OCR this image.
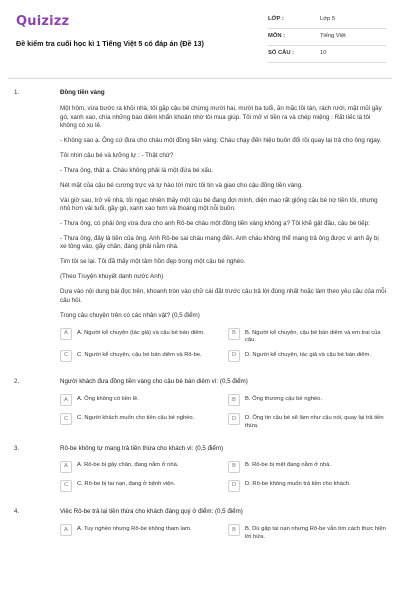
Quizizz
Đề kiểm tra cuối học kì 1 Tiếng Việt 5 có đáp án (Đề 13)
LỚP :	Lớp 5
MÔN :	Tiếng Việt
SỐ CÂU :	10
1.	Đồng tiền vàng

Một hôm, vừa bước ra khỏi nhà, tôi gặp cậu bé chừng mười hai, mười ba tuổi, ăn mặc tồi tàn, rách rưới, mặt mũi gầy gò, xanh xao, chìa những bao diêm khẩn khoản nhờ tôi mua giúp. Tôi mở ví tiền ra và chép miệng : Rất tiếc là tôi không có xu lẻ.

- Không sao ạ. Ông cứ đưa cho cháu một đồng tiền vàng. Cháu chạy đến hiệu buôn đổi rồi quay lại trả cho ông ngay.

Tôi nhìn cậu bé và lưỡng lự : - Thật chứ?

- Thưa ông, thật ạ. Cháu không phải là một đứa bé xấu.

Nét mặt của cậu bé cương trực và tự hào tới mức tôi tin và giao cho cậu đồng tiền vàng.

Vài giờ sau, trở về nhà, tôi ngạc nhiên thấy một cậu bé đang đợi mình, diện mạo rất giống cậu bé nợ tiền tôi, nhưng nhỏ hơn vài tuổi, gầy gò, xanh xao hơn và thoáng một nỗi buồn.

- Thưa ông, có phải ông vừa đưa cho anh Rô-be cháu một đồng tiền vàng không ạ? Tôi khẽ gật đầu, cậu bé tiếp:

- Thưa ông, đây là tiền của ông. Anh Rô-be sai cháu mang đến. Anh cháu không thể mang trả ông được vì anh ấy bị xe tông vào, gãy chân, đang phải nằm nhà.

Tim tôi se lại. Tôi đã thấy một tâm hồn đẹp trong một cậu bé nghèo.

(Theo Truyện khuyết danh nước Anh)

Dựa vào nội dung bài đọc trên, khoanh tròn vào chữ cái đặt trước câu trả lời đúng nhất hoặc làm theo yêu cầu của mỗi câu hỏi.

Trong câu chuyện trên có các nhân vật? (0,5 điểm)

A	A. Người kể chuyện (tác giả) và cậu bé bán diêm.	B	B. Người kể chuyện, cậu bé bán diêm và em trai của cậu.
C	C. Người kể chuyện, cậu bé bán diêm và Rô-be.	D	D. Người kể chuyện, tác giả và cậu bé bán diêm.
2.	Người khách đưa đồng tiền vàng cho cậu bé bán diêm vì: (0,5 điểm)
A	A. Ông không có tiền lẻ.	B	B. Ông thương cậu bé nghèo.
C	C. Người khách muốn cho tiền cậu bé nghèo.	D	D. Ông tin cậu bé sẽ làm như cậu nói, quay lại trả tiền thừa.
3.	Rô-be không tự mang trả tiền thừa cho khách vì: (0,5 điểm)
A	A. Rô-be bị gãy chân, đang nằm ở nhà.	B	B. Rô-be bị mệt đang nằm ở nhà.
C	C. Rô-be bị tai nạn, đang ở bệnh viện.	D	D. Rô-be không muốn trả tiền cho khách.
4.	Việc Rô-be trả lại tiền thừa cho khách đáng quý ở điểm: (0,5 điểm)
A	A. Tuy nghèo nhưng Rô-be không tham lam.	B	B. Dù gặp tai nạn nhưng Rô-be vẫn tìm cách thực hiện lời hứa.
